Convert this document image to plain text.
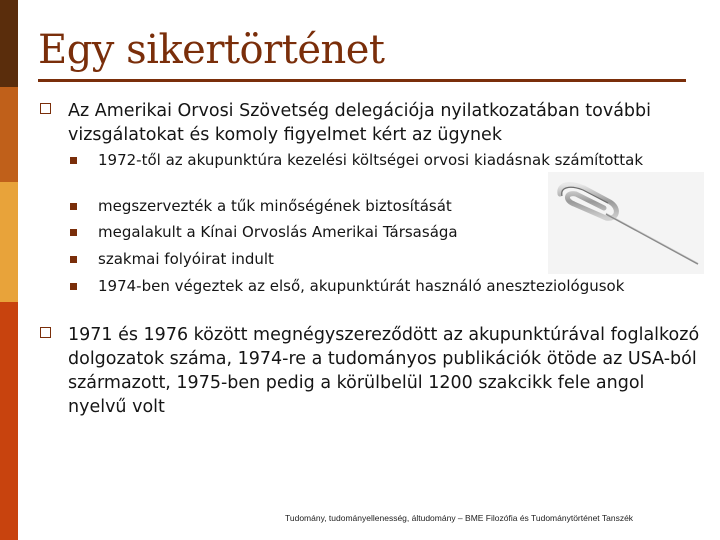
Egy sikertörténet
Az Amerikai Orvosi Szövetség delegációja nyilatkozatában további vizsgálatokat és komoly figyelmet kért az ügynek
1972-től az akupunktúra kezelési költségei orvosi kiadásnak számítottak
megszervezték a tűk minőségének biztosítását
megalakult a Kínai Orvoslás Amerikai Társasága
szakmai folyóirat indult
1974-ben végeztek az első, akupunktúrát használó aneszteziológusok
1971 és 1976 között megnégyszereződött az akupunktúrával foglalkozó dolgozatok száma, 1974-re a tudományos publikációk ötöde az USA-ból származott, 1975-ben pedig a körülbelül 1200 szakcikk fele angol nyelvű volt
Tudomány, tudományellenesség, áltudomány – BME Filozófia és Tudománytörténet Tanszék
